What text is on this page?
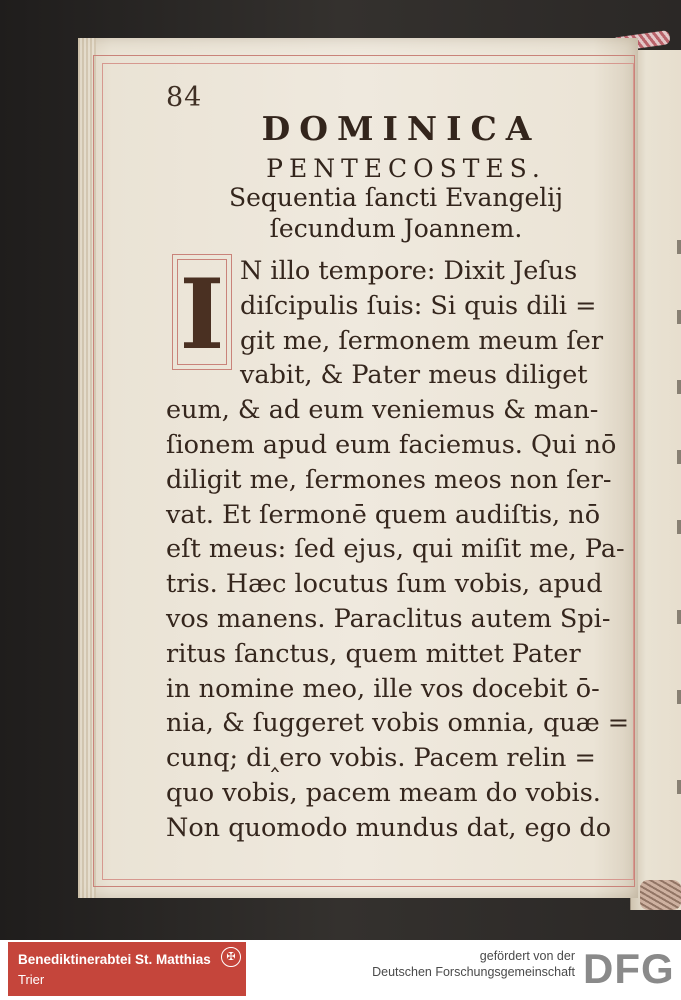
84
DOMINICA
PENTECOSTES.
Sequentia ſancti Evangelij
ſecundum Joannem.
I N illo tempore: Dixit Jeſus
diſcipulis ſuis: Si quis dili =
git me, ſermonem meum ſer
vabit, & Pater meus diliget
eum, & ad eum veniemus & man-
ſionem apud eum faciemus. Qui nō
diligit me, ſermones meos non ſer-
vat. Et ſermonē quem audiſtis, nō
eſt meus: ſed ejus, qui miſit me, Pa-
tris. Hæc locutus ſum vobis, apud
vos manens. Paraclitus autem Spi-
ritus ſanctus, quem mittet Pater
in nomine meo, ille vos docebit ō-
nia, & ſuggeret vobis omnia, quæ =
cunq; di‸ero vobis. Pacem relin =
quo vobis, pacem meam do vobis.
Non quomodo mundus dat, ego do
Benediktinerabtei St. Matthias
Trier
✠	gefördert von der
Deutschen Forschungsgemeinschaft DFG
